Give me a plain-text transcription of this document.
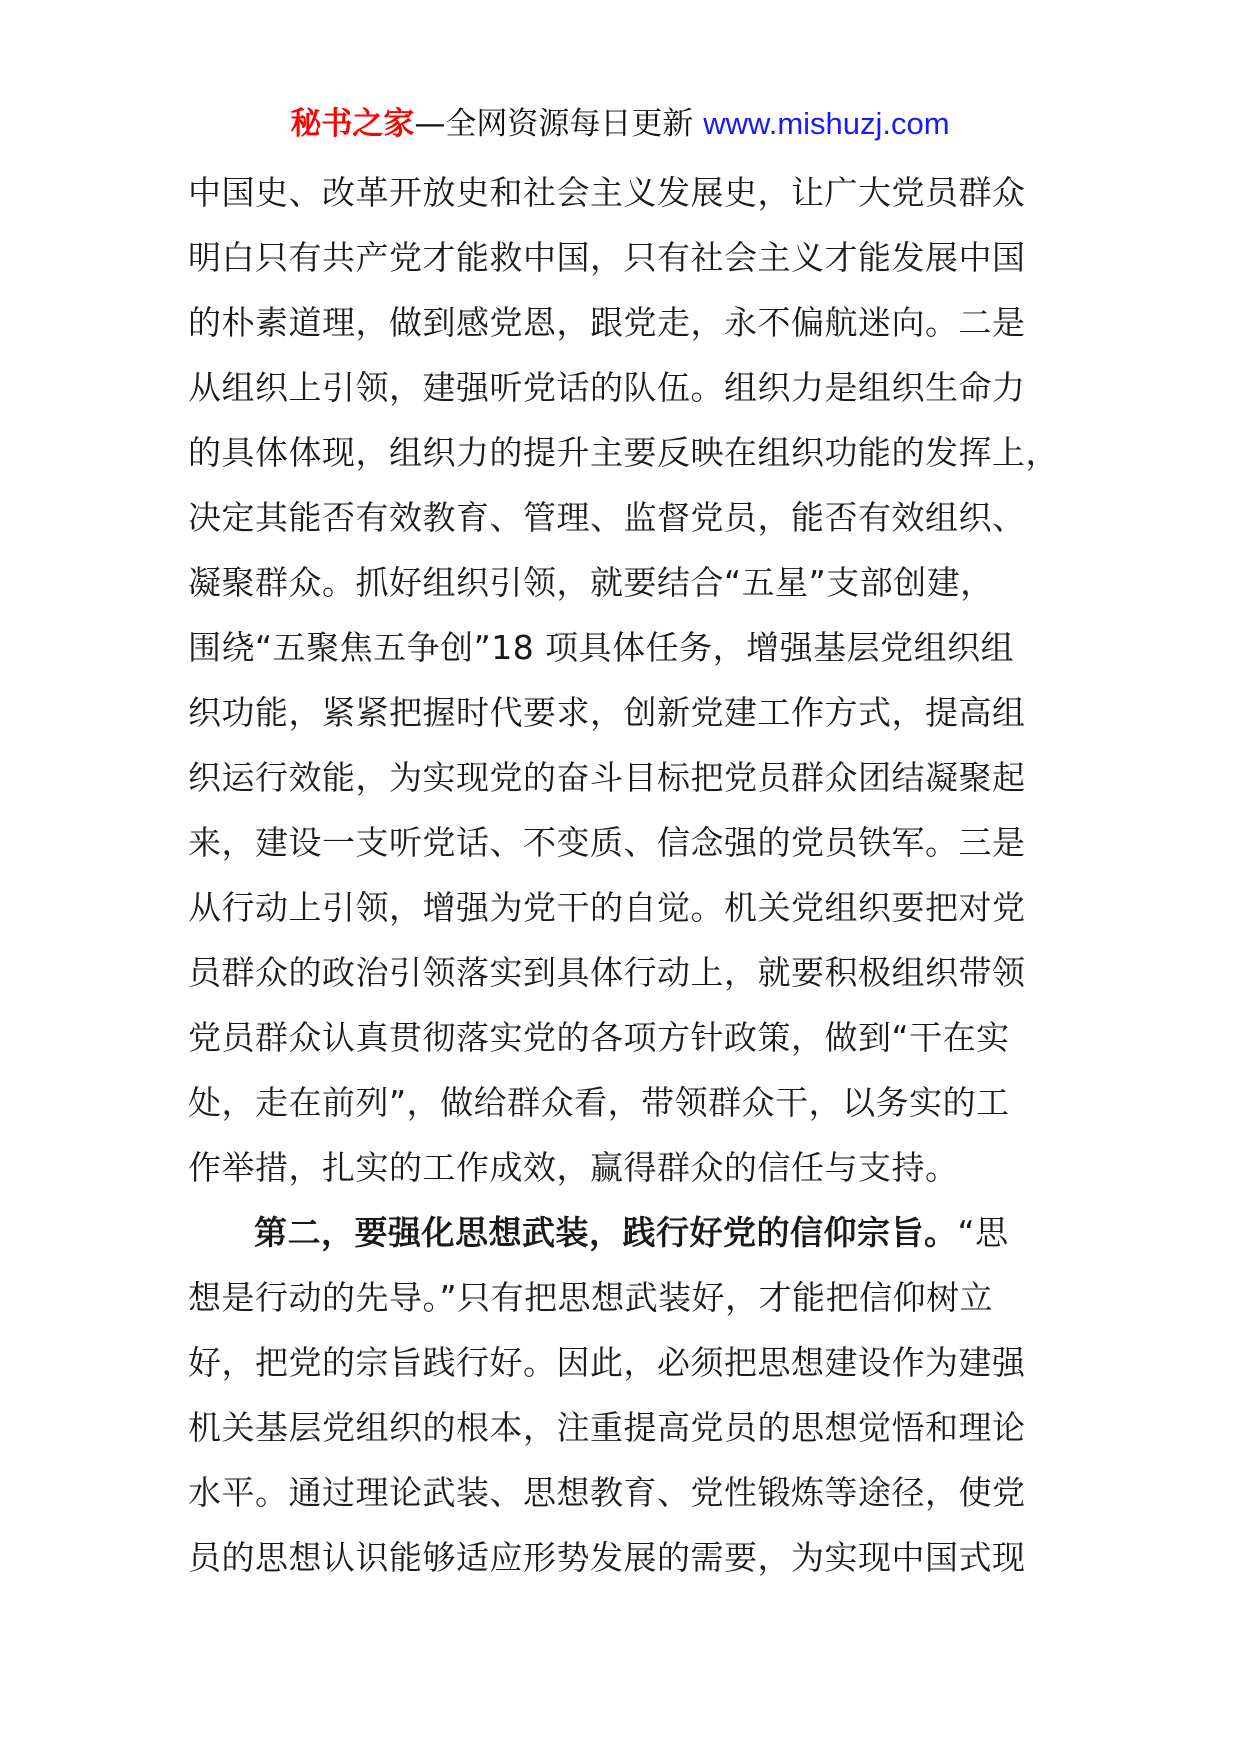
秘书之家—全网资源每日更新 www.mishuzj.com
中国史、改革开放史和社会主义发展史，让广大党员群众
明白只有共产党才能救中国，只有社会主义才能发展中国
的朴素道理，做到感党恩，跟党走，永不偏航迷向。二是
从组织上引领，建强听党话的队伍。组织力是组织生命力
的具体体现，组织力的提升主要反映在组织功能的发挥上，
决定其能否有效教育、管理、监督党员，能否有效组织、
凝聚群众。抓好组织引领，就要结合“五星”支部创建，
围绕“五聚焦五争创”18 项具体任务，增强基层党组织组
织功能，紧紧把握时代要求，创新党建工作方式，提高组
织运行效能，为实现党的奋斗目标把党员群众团结凝聚起
来，建设一支听党话、不变质、信念强的党员铁军。三是
从行动上引领，增强为党干的自觉。机关党组织要把对党
员群众的政治引领落实到具体行动上，就要积极组织带领
党员群众认真贯彻落实党的各项方针政策，做到“干在实
处，走在前列”，做给群众看，带领群众干，以务实的工
作举措，扎实的工作成效，赢得群众的信任与支持。
第二，要强化思想武装，践行好党的信仰宗旨。“思
想是行动的先导。”只有把思想武装好，才能把信仰树立
好，把党的宗旨践行好。因此，必须把思想建设作为建强
机关基层党组织的根本，注重提高党员的思想觉悟和理论
水平。通过理论武装、思想教育、党性锻炼等途径，使党
员的思想认识能够适应形势发展的需要，为实现中国式现
